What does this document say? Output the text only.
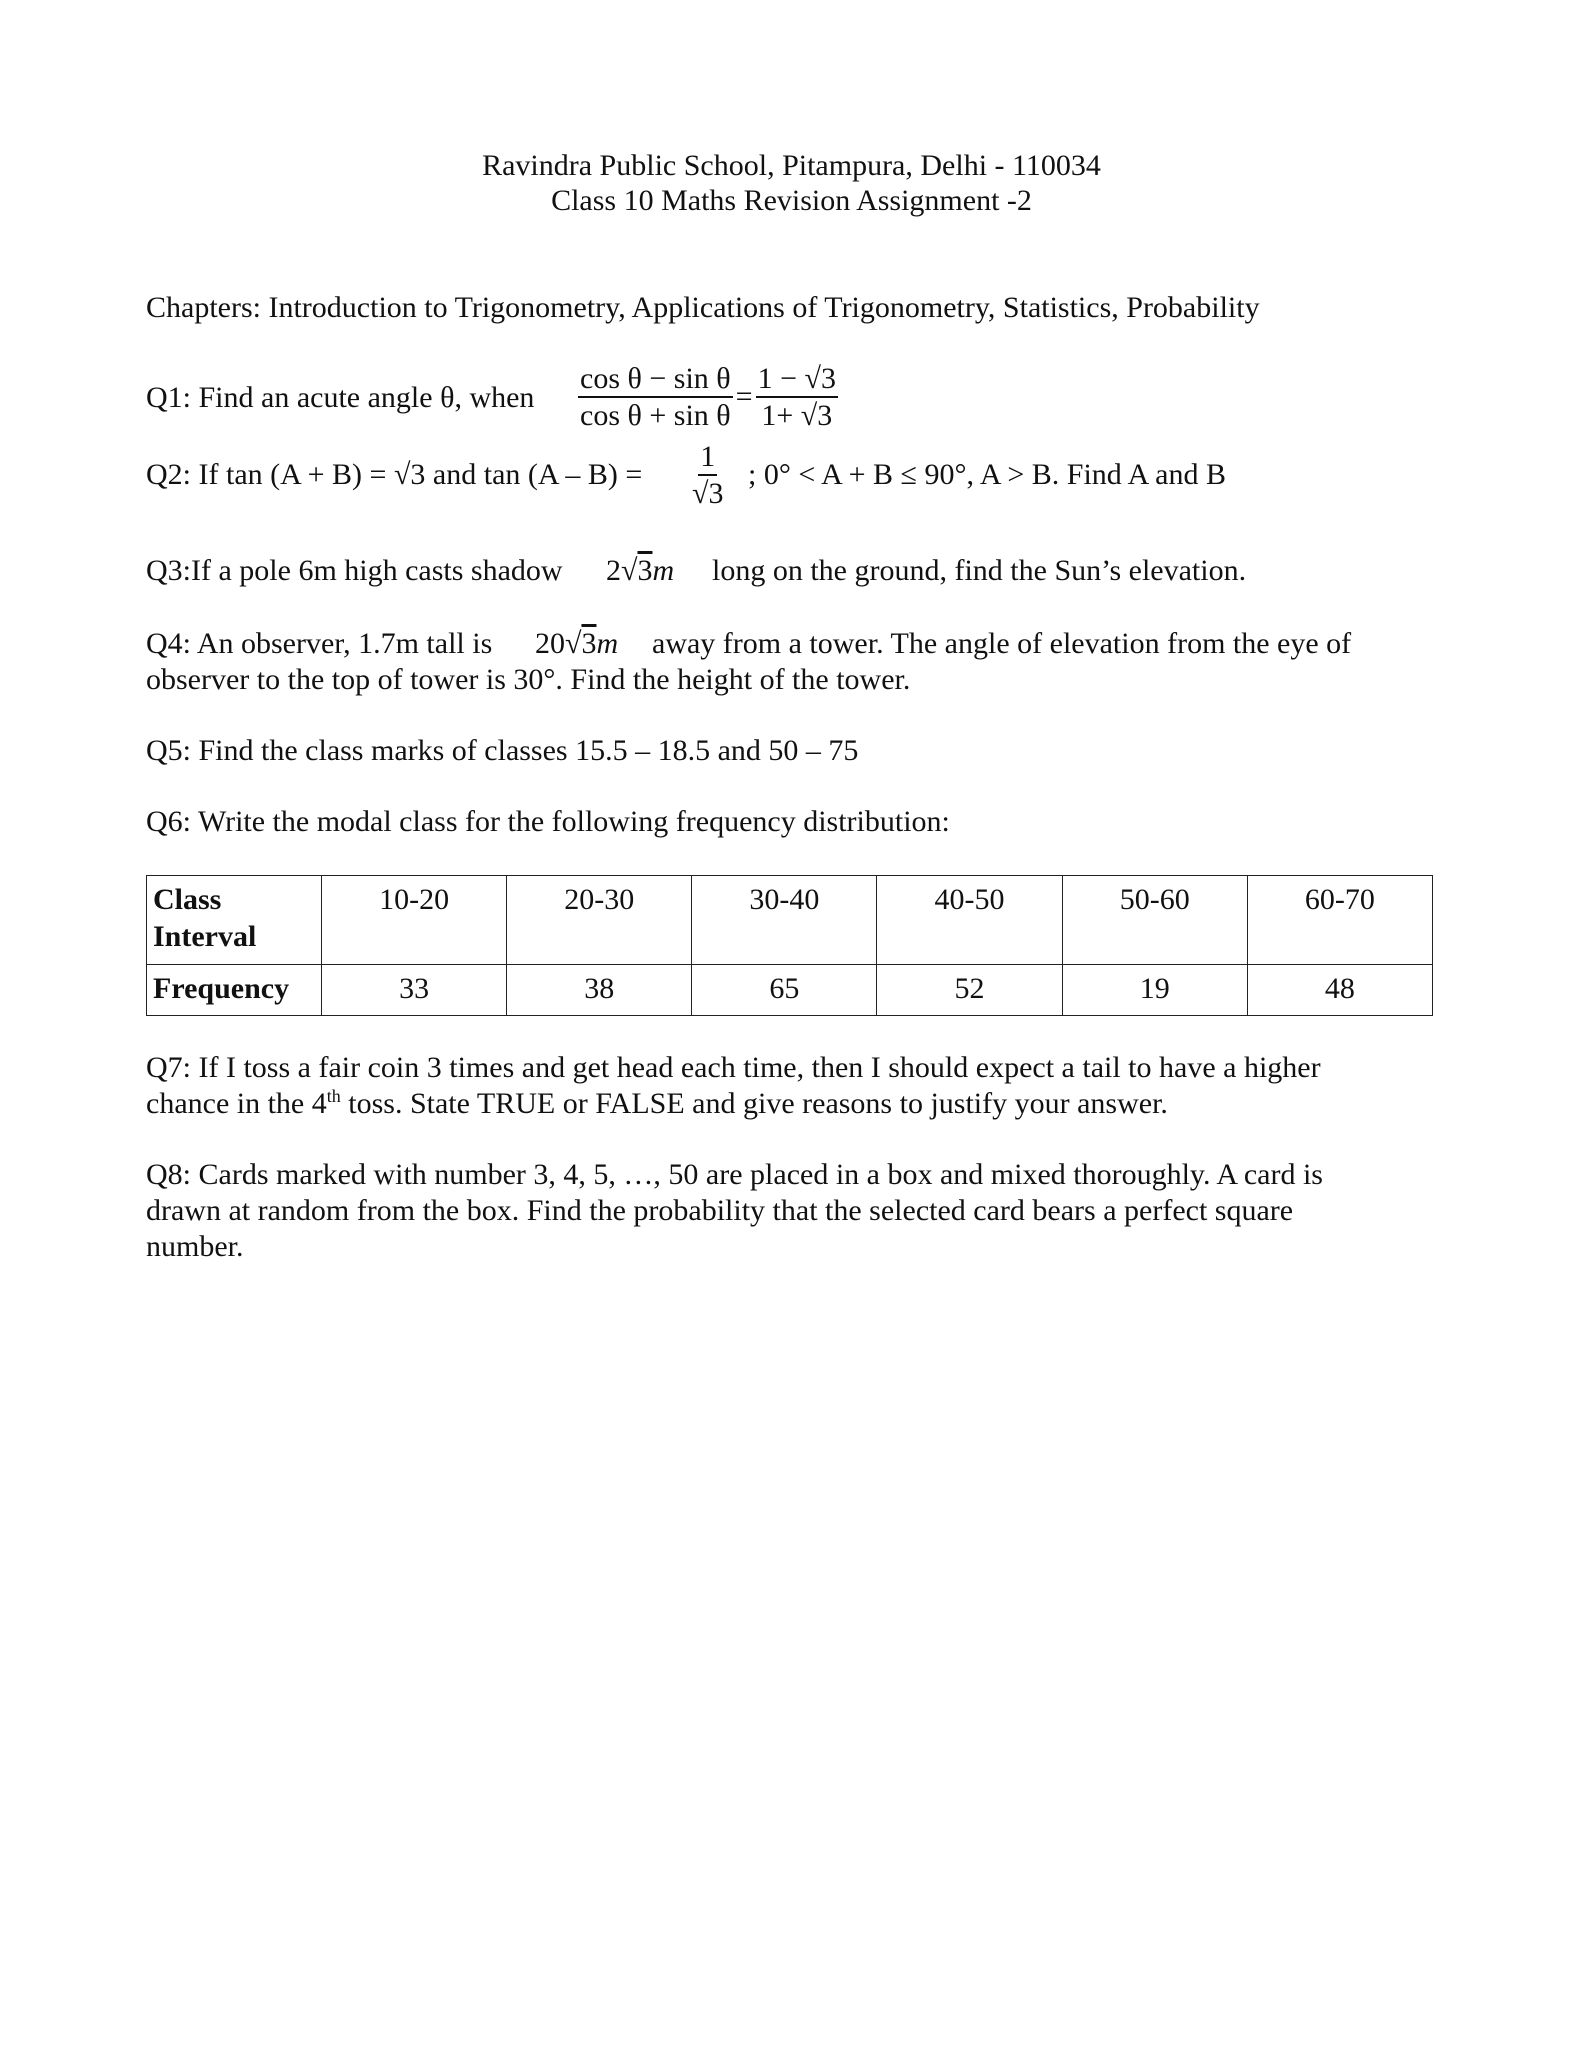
Ravindra Public School, Pitampura, Delhi - 110034
Class 10 Maths Revision Assignment -2
Chapters: Introduction to Trigonometry, Applications of Trigonometry, Statistics, Probability
Q1: Find an acute angle θ, when $\frac{\text{cos θ − sin θ}}{\text{cos θ + sin θ}} = \frac{1 - √3}{1+ √3}$
Q2: If tan (A + B) = √3 and $\tan (A - B) = \frac{1}{√3}$ ; 0° < A + B ≤ 90°, A > B. Find A and B
Q3:If a pole 6m high casts shadow 2√3m long on the ground, find the Sun’s elevation.
Q4: An observer, 1.7m tall is 20√3m away from a tower. The angle of elevation from the eye of
observer to the top of tower is 30°. Find the height of the tower.
Q5: Find the class marks of classes 15.5 – 18.5 and 50 – 75
Q6: Write the modal class for the following frequency distribution:
Class
Interval	10-20	20-30	30-40	40-50	50-60	60-70
Frequency	33	38	65	52	19	48
Q7: If I toss a fair coin 3 times and get head each time, then I should expect a tail to have a higher
chance in the 4th toss. State TRUE or FALSE and give reasons to justify your answer.
Q8: Cards marked with number 3, 4, 5, …, 50 are placed in a box and mixed thoroughly. A card is
drawn at random from the box. Find the probability that the selected card bears a perfect square
number.
